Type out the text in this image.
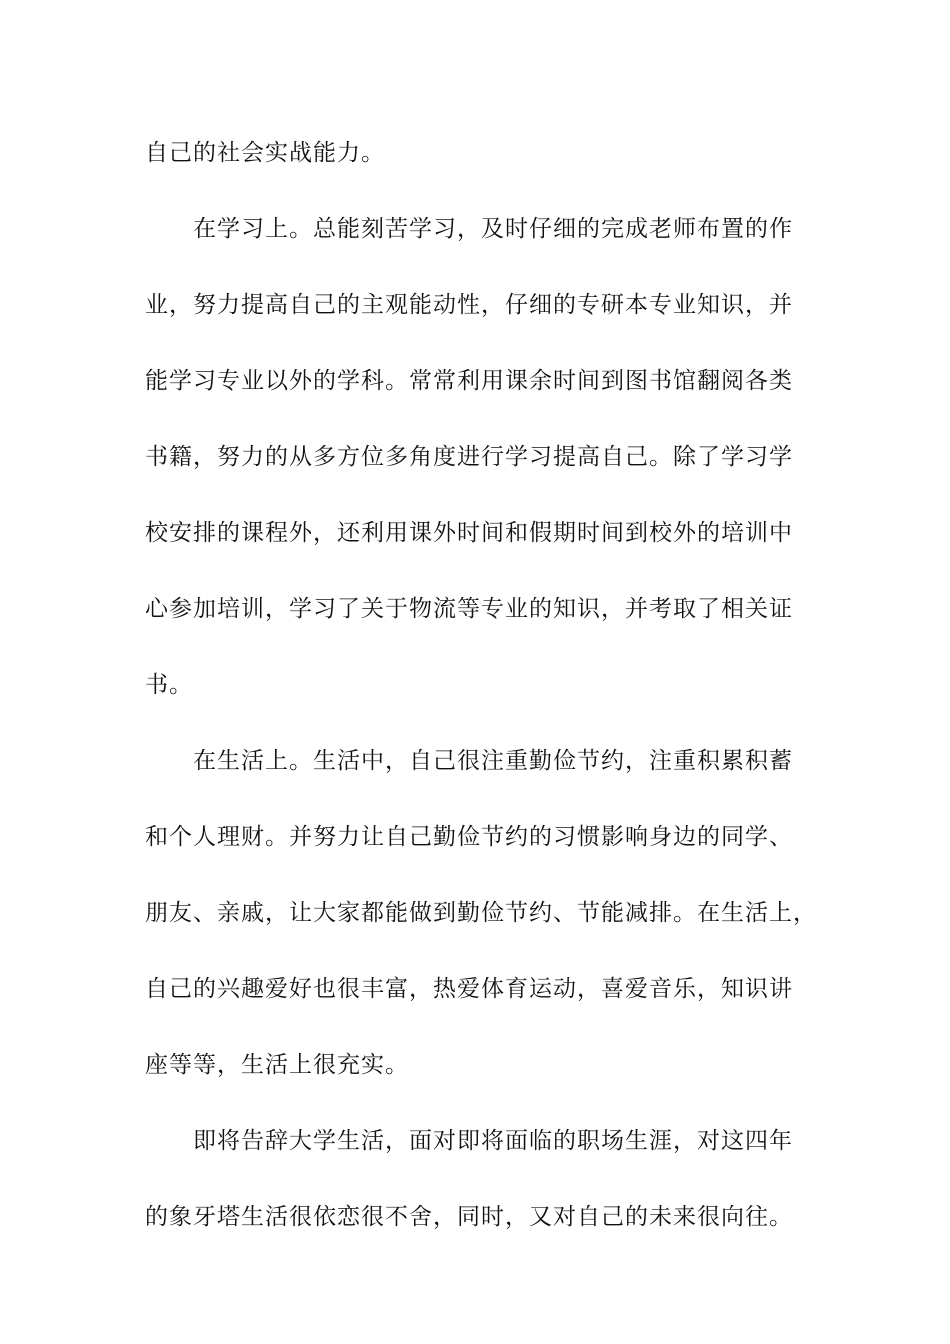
自己的社会实战能力。
在学习上。总能刻苦学习，及时仔细的完成老师布置的作
业，努力提高自己的主观能动性，仔细的专研本专业知识，并
能学习专业以外的学科。常常利用课余时间到图书馆翻阅各类
书籍，努力的从多方位多角度进行学习提高自己。除了学习学
校安排的课程外，还利用课外时间和假期时间到校外的培训中
心参加培训，学习了关于物流等专业的知识，并考取了相关证
书。
在生活上。生活中，自己很注重勤俭节约，注重积累积蓄
和个人理财。并努力让自己勤俭节约的习惯影响身边的同学、
朋友、亲戚，让大家都能做到勤俭节约、节能减排。在生活上，
自己的兴趣爱好也很丰富，热爱体育运动，喜爱音乐，知识讲
座等等，生活上很充实。
即将告辞大学生活，面对即将面临的职场生涯，对这四年
的象牙塔生活很依恋很不舍，同时，又对自己的未来很向往。
